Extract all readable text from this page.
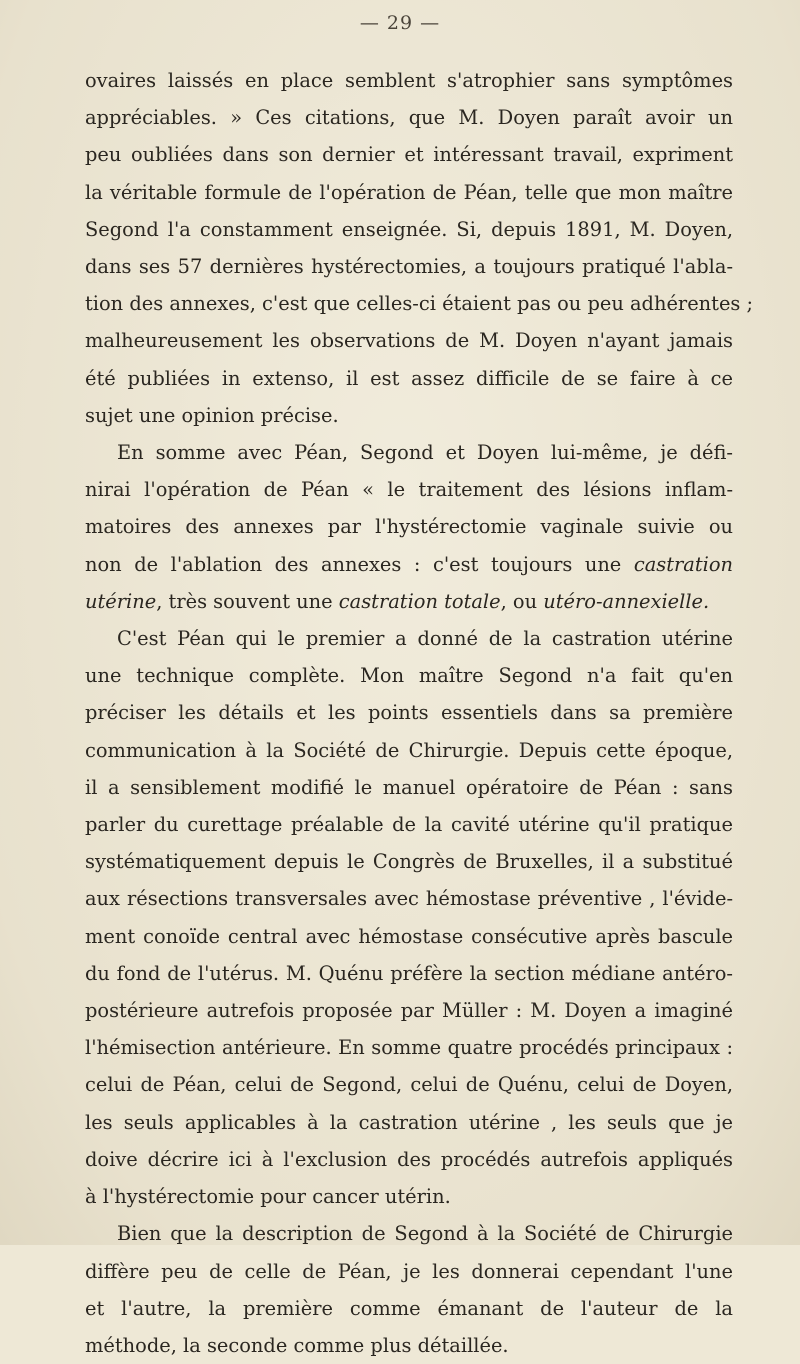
— 29 —
ovaires laissés en place semblent s'atrophier sans symptômes
appréciables. » Ces citations, que M. Doyen paraît avoir un
peu oubliées dans son dernier et intéressant travail, expriment
la véritable formule de l'opération de Péan, telle que mon maître
Segond l'a constamment enseignée. Si, depuis 1891, M. Doyen,
dans ses 57 dernières hystérectomies, a toujours pratiqué l'abla-
tion des annexes, c'est que celles-ci étaient pas ou peu adhérentes ;
malheureusement les observations de M. Doyen n'ayant jamais
été publiées in extenso, il est assez difficile de se faire à ce
sujet une opinion précise.
En somme avec Péan, Segond et Doyen lui-même, je défi-
nirai l'opération de Péan « le traitement des lésions inflam-
matoires des annexes par l'hystérectomie vaginale suivie ou
non de l'ablation des annexes : c'est toujours une castration
utérine, très souvent une castration totale, ou utéro-annexielle.
C'est Péan qui le premier a donné de la castration utérine
une technique complète. Mon maître Segond n'a fait qu'en
préciser les détails et les points essentiels dans sa première
communication à la Société de Chirurgie. Depuis cette époque,
il a sensiblement modifié le manuel opératoire de Péan : sans
parler du curettage préalable de la cavité utérine qu'il pratique
systématiquement depuis le Congrès de Bruxelles, il a substitué
aux résections transversales avec hémostase préventive , l'évide-
ment conoïde central avec hémostase consécutive après bascule
du fond de l'utérus. M. Quénu préfère la section médiane antéro-
postérieure autrefois proposée par Müller : M. Doyen a imaginé
l'hémisection antérieure. En somme quatre procédés principaux :
celui de Péan, celui de Segond, celui de Quénu, celui de Doyen,
les seuls applicables à la castration utérine , les seuls que je
doive décrire ici à l'exclusion des procédés autrefois appliqués
à l'hystérectomie pour cancer utérin.
Bien que la description de Segond à la Société de Chirurgie
diffère peu de celle de Péan, je les donnerai cependant l'une
et l'autre, la première comme émanant de l'auteur de la
méthode, la seconde comme plus détaillée.
